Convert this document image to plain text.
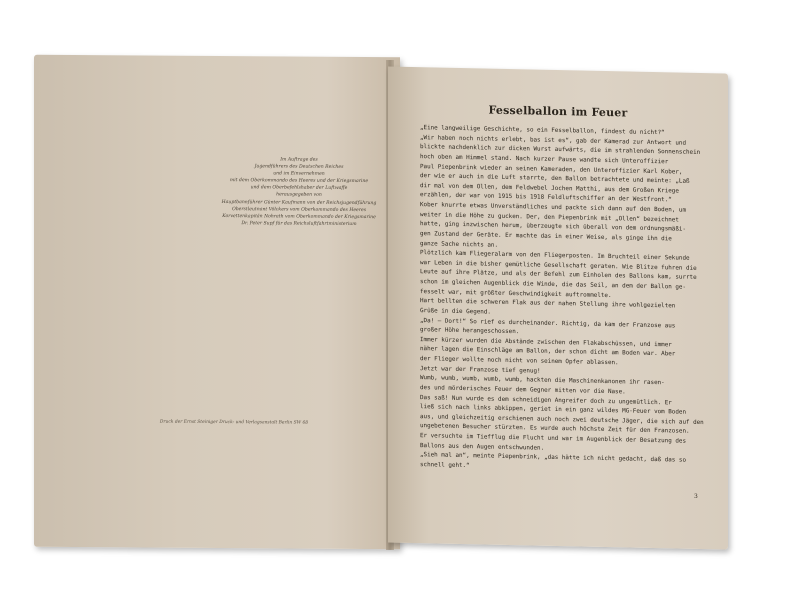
Im Auftrage des
Jugendführers des Deutschen Reiches
und im Einvernehmen
mit dem Oberkommando des Heeres und der Kriegsmarine
und dem Oberbefehlshaber der Luftwaffe
herausgegeben von
Hauptbannführer Günter Kaufmann von der Reichsjugendführung
Oberstleutnant Völckers vom Oberkommando des Heeres
Korvettenkapitän Nohrath vom Oberkommando der Kriegsmarine
Dr. Peter Supf für das Reichsluftfahrtministerium
Druck der Ernst Steiniger Druck- und Verlagsanstalt Berlin SW 68
Fesselballon im Feuer
„Eine langweilige Geschichte, so ein Fesselballon, findest du nicht?“
„Wir haben noch nichts erlebt, bas ist es“, gab der Kamerad zur Antwort und
blickte nachdenklich zur dicken Wurst aufwärts, die im strahlenden Sonnenschein
hoch oben am Himmel stand. Nach kurzer Pause wandte sich Unteroffizier
Paul Piepenbrink wieder an seinen Kameraden, den Unteroffizier Karl Kober,
der wie er auch in die Luft starrte, den Ballon betrachtete und meinte: „Laß
dir mal von dem Ollen, dem Feldwebel Jochen Matthi, aus dem Großen Kriege
erzählen, der war von 1915 bis 1918 Feldluftschiffer an der Westfront.“
Kober knurrte etwas Unverständliches und packte sich dann auf den Boden, um
weiter in die Höhe zu gucken. Der, den Piepenbrink mit „Ollen“ bezeichnet
hatte, ging inzwischen herum, überzeugte sich überall von dem ordnungsmäßi-
gen Zustand der Geräte. Er machte das in einer Weise, als ginge ihn die
ganze Sache nichts an.
Plötzlich kam Fliegeralarm von den Fliegerposten. Im Bruchteil einer Sekunde
war Leben in die bisher gemütliche Gesellschaft geraten. Wie Blitze fuhren die
Leute auf ihre Plätze, und als der Befehl zum Einholen des Ballons kam, surrte
schon im gleichen Augenblick die Winde, die das Seil, an dem der Ballon ge-
fesselt war, mit größter Geschwindigkeit auftrommelte.
Hart bellten die schweren Flak aus der nahen Stellung ihre wohlgezielten
Grüße in die Gegend.
„Da! — Dort!“ So rief es durcheinander. Richtig, da kam der Franzose aus
großer Höhe herangeschossen.
Immer kürzer wurden die Abstände zwischen den Flakabschüssen, und immer
näher lagen die Einschläge am Ballon, der schon dicht am Boden war. Aber
der Flieger wollte noch nicht von seinem Opfer ablassen.
Jetzt war der Franzose tief genug!
Wumb, wumb, wumb, wumb, wumb, hackten die Maschinenkanonen ihr rasen-
des und mörderisches Feuer dem Gegner mitten vor die Nase.
Das saß! Nun wurde es dem schneidigen Angreifer doch zu ungemütlich. Er
ließ sich nach links abkippen, geriet in ein ganz wildes MG-Feuer vom Boden
aus, und gleichzeitig erschienen auch noch zwei deutsche Jäger, die sich auf den
ungebetenen Besucher stürzten. Es wurde auch höchste Zeit für den Franzosen.
Er versuchte im Tiefflug die Flucht und war im Augenblick der Besatzung des
Ballons aus den Augen entschwunden.
„Sieh mal an“, meinte Piepenbrink, „das hätte ich nicht gedacht, daß das so
schnell geht.“
3
